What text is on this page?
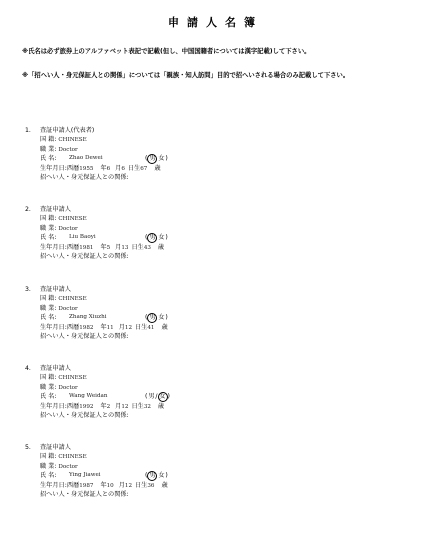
申請人名簿
※氏名は必ず旅券上のアルファベット表記で記載(但し、中国国籍者については漢字記載)して下さい。
※「招へい人・身元保証人との関係」については「親族・知人訪問」目的で招へいされる場合のみ記載して下さい。
1. 査証申請人(代表者)
国 籍: CHINESE
職 業: Doctor
氏 名: Zhao Dewei	( 男 女)
生年月日:西暦1955 年6 月6 日生67 歳
招へい人・身元保証人との関係:
2. 査証申請人
国 籍: CHINESE
職 業: Doctor
氏 名: Liu Baoyi	( 男 女)
生年月日:西暦1981 年5 月13 日生43 歳
招へい人・身元保証人との関係:
3. 査証申請人
国 籍: CHINESE
職 業: Doctor
氏 名: Zhang Xiuzhi	( 男 女)
生年月日:西暦1982 年11 月12 日生41 歳
招へい人・身元保証人との関係:
4. 査証申請人
国 籍: CHINESE
職 業: Doctor
氏 名: Wang Weidan	(男/ 女 )
生年月日:西暦1992 年2 月12 日生32 歳
招へい人・身元保証人との関係:
5. 査証申請人
国 籍: CHINESE
職 業: Doctor
氏 名: Ying Jiawei	( 男 女)
生年月日:西暦1987 年10 月12 日生36 歳
招へい人・身元保証人との関係:
